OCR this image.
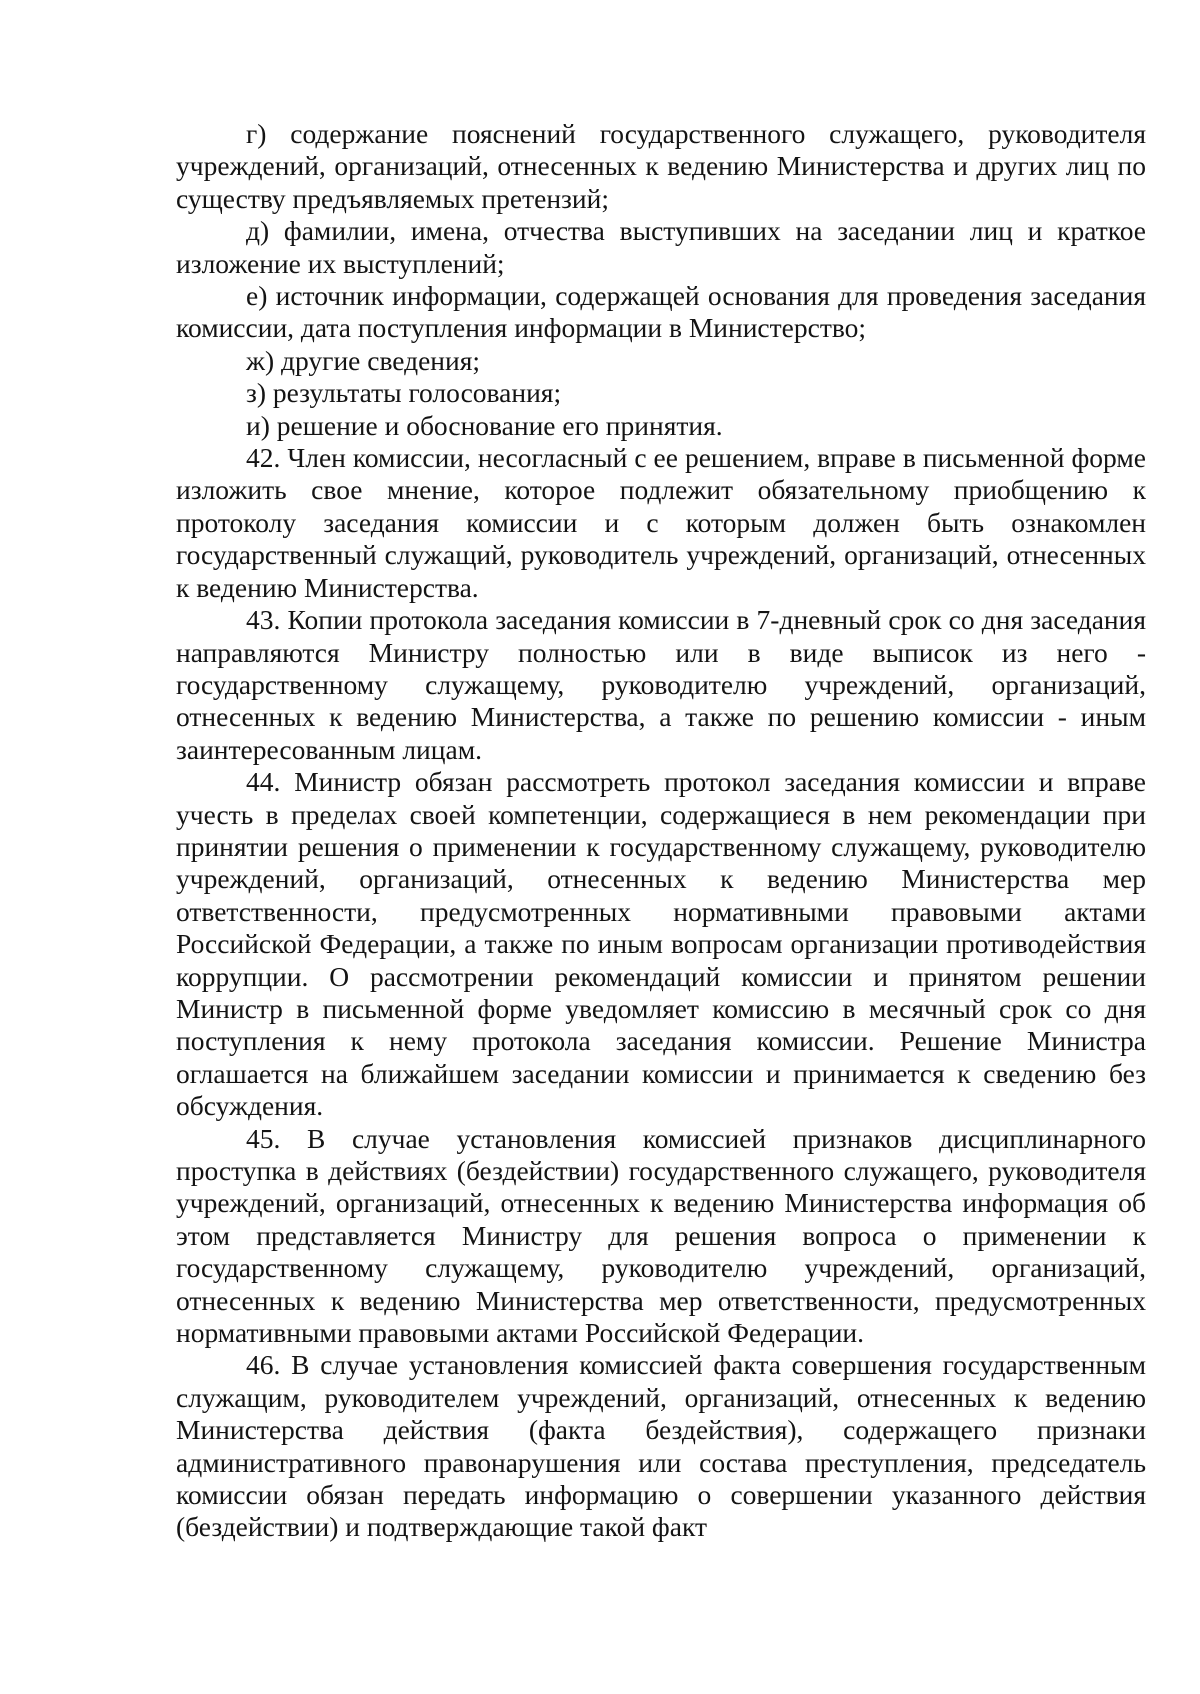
г) содержание пояснений государственного служащего, руководителя учреждений, организаций, отнесенных к ведению Министерства и других лиц по существу предъявляемых претензий;

д) фамилии, имена, отчества выступивших на заседании лиц и краткое изложение их выступлений;

е) источник информации, содержащей основания для проведения заседания комиссии, дата поступления информации в Министерство;

ж) другие сведения;

з) результаты голосования;

и) решение и обоснование его принятия.

42. Член комиссии, несогласный с ее решением, вправе в письменной форме изложить свое мнение, которое подлежит обязательному приобщению к протоколу заседания комиссии и с которым должен быть ознакомлен государственный служащий, руководитель учреждений, организаций, отнесенных к ведению Министерства.

43. Копии протокола заседания комиссии в 7-дневный срок со дня заседания направляются Министру полностью или в виде выписок из него - государственному служащему, руководителю учреждений, организаций, отнесенных к ведению Министерства, а также по решению комиссии - иным заинтересованным лицам.

44. Министр обязан рассмотреть протокол заседания комиссии и вправе учесть в пределах своей компетенции, содержащиеся в нем рекомендации при принятии решения о применении к государственному служащему, руководителю учреждений, организаций, отнесенных к ведению Министерства мер ответственности, предусмотренных нормативными правовыми актами Российской Федерации, а также по иным вопросам организации противодействия коррупции. О рассмотрении рекомендаций комиссии и принятом решении Министр в письменной форме уведомляет комиссию в месячный срок со дня поступления к нему протокола заседания комиссии. Решение Министра оглашается на ближайшем заседании комиссии и принимается к сведению без обсуждения.

45. В случае установления комиссией признаков дисциплинарного проступка в действиях (бездействии) государственного служащего, руководителя учреждений, организаций, отнесенных к ведению Министерства информация об этом представляется Министру для решения вопроса о применении к государственному служащему, руководителю учреждений, организаций, отнесенных к ведению Министерства мер ответственности, предусмотренных нормативными правовыми актами Российской Федерации.

46. В случае установления комиссией факта совершения государственным служащим, руководителем учреждений, организаций, отнесенных к ведению Министерства действия (факта бездействия), содержащего признаки административного правонарушения или состава преступления, председатель комиссии обязан передать информацию о совершении указанного действия (бездействии) и подтверждающие такой факт
